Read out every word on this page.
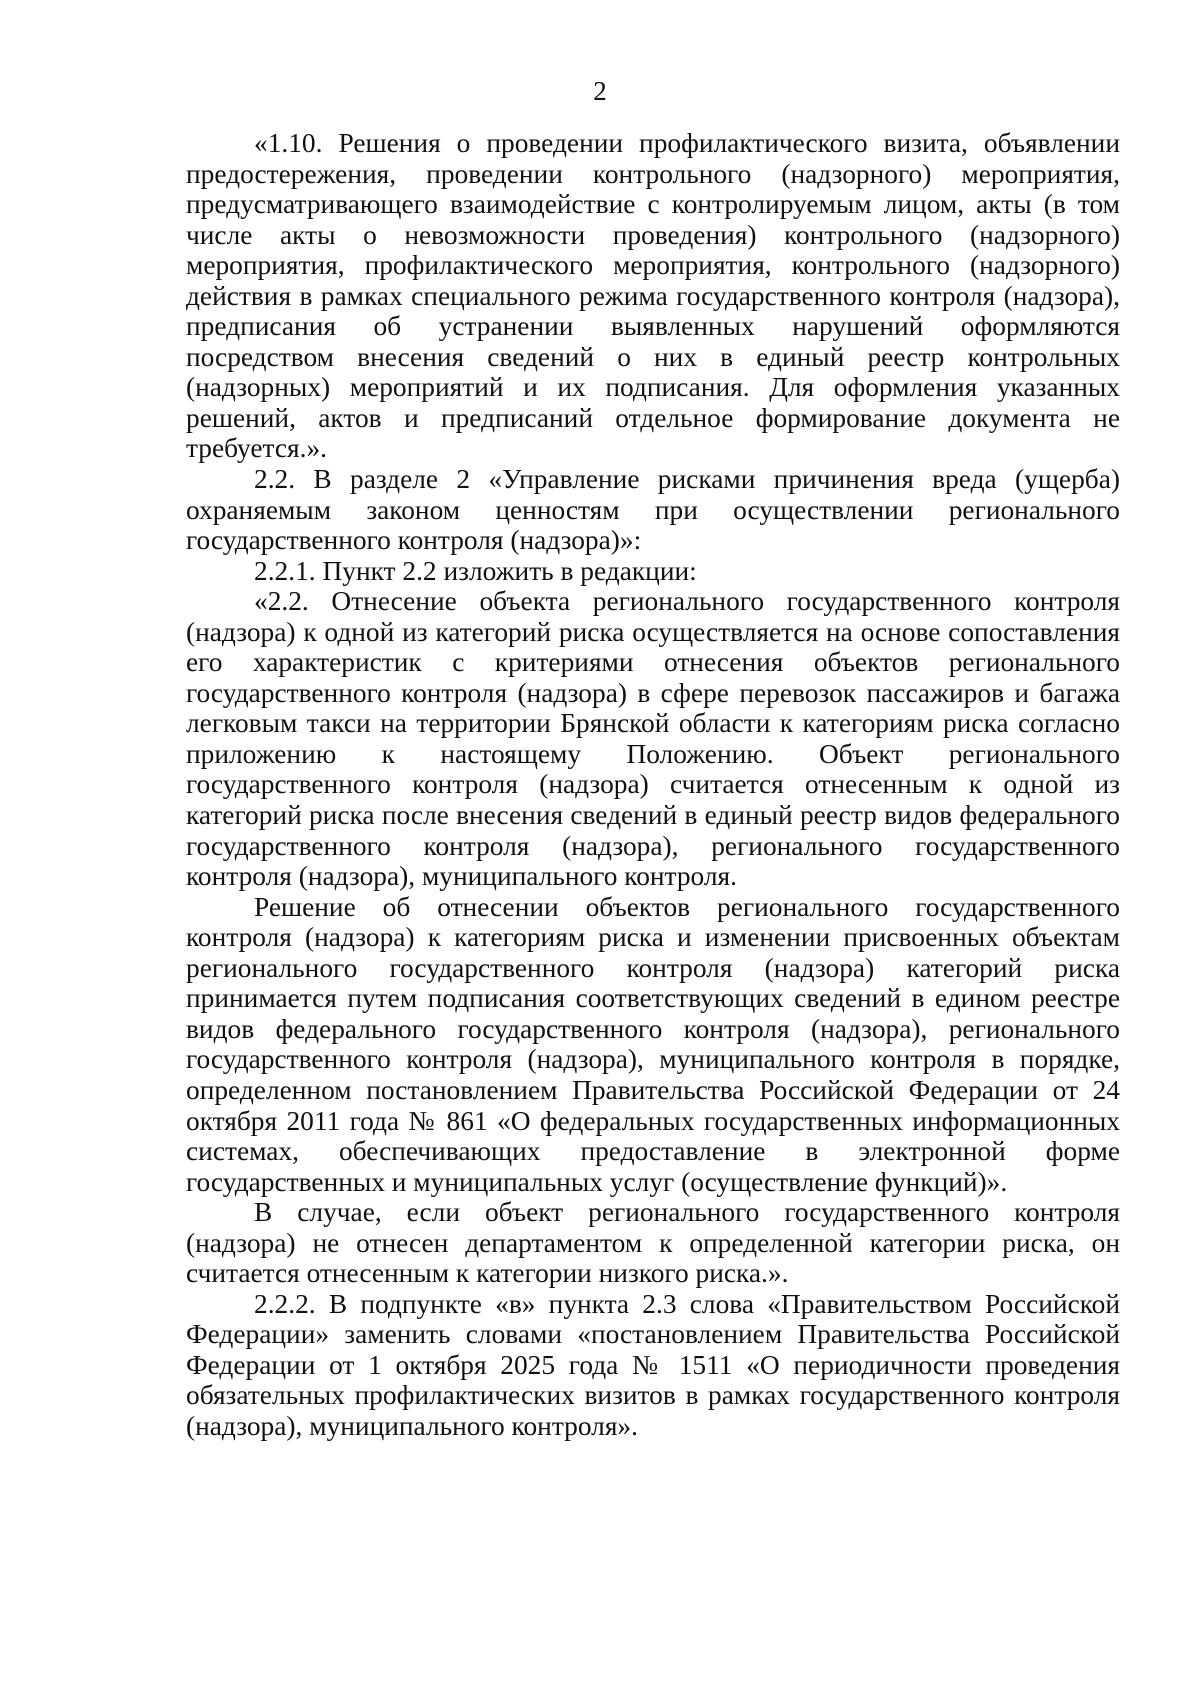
2

«1.10. Решения о проведении профилактического визита, объявлении предостережения, проведении контрольного (надзорного) мероприятия, предусматривающего взаимодействие с контролируемым лицом, акты (в том числе акты о невозможности проведения) контрольного (надзорного) мероприятия, профилактического мероприятия, контрольного (надзорного) действия в рамках специального режима государственного контроля (надзора), предписания об устранении выявленных нарушений оформляются посредством внесения сведений о них в единый реестр контрольных (надзорных) мероприятий и их подписания. Для оформления указанных решений, актов и предписаний отдельное формирование документа не требуется.».

2.2. В разделе 2 «Управление рисками причинения вреда (ущерба) охраняемым законом ценностям при осуществлении регионального государственного контроля (надзора)»:

2.2.1. Пункт 2.2 изложить в редакции:

«2.2. Отнесение объекта регионального государственного контроля (надзора) к одной из категорий риска осуществляется на основе сопоставления его характеристик с критериями отнесения объектов регионального государственного контроля (надзора) в сфере перевозок пассажиров и багажа легковым такси на территории Брянской области к категориям риска согласно приложению к настоящему Положению. Объект регионального государственного контроля (надзора) считается отнесенным к одной из категорий риска после внесения сведений в единый реестр видов федерального государственного контроля (надзора), регионального государственного контроля (надзора), муниципального контроля.

Решение об отнесении объектов регионального государственного контроля (надзора) к категориям риска и изменении присвоенных объектам регионального государственного контроля (надзора) категорий риска принимается путем подписания соответствующих сведений в едином реестре видов федерального государственного контроля (надзора), регионального государственного контроля (надзора), муниципального контроля в порядке, определенном постановлением Правительства Российской Федерации от 24 октября 2011 года № 861 «О федеральных государственных информационных системах, обеспечивающих предоставление в электронной форме государственных и муниципальных услуг (осуществление функций)».

В случае, если объект регионального государственного контроля (надзора) не отнесен департаментом к определенной категории риска, он считается отнесенным к категории низкого риска.».

2.2.2. В подпункте «в» пункта 2.3 слова «Правительством Российской Федерации» заменить словами «постановлением Правительства Российской Федерации от 1 октября 2025 года № 1511 «О периодичности проведения обязательных профилактических визитов в рамках государственного контроля (надзора), муниципального контроля».
